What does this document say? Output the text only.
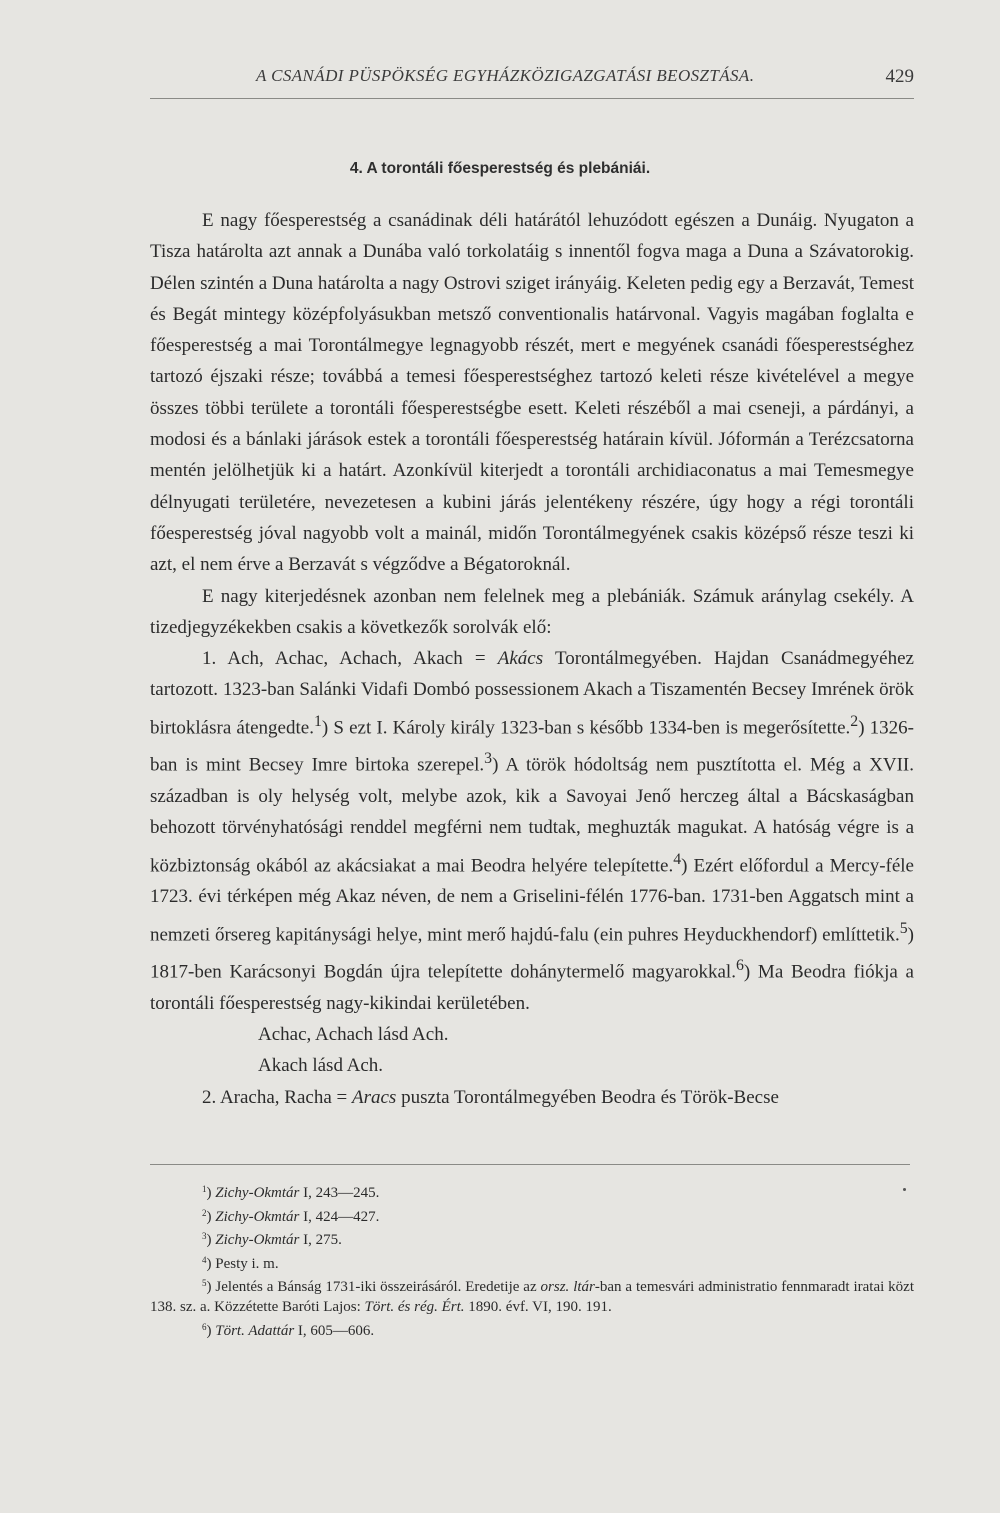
A CSANÁDI PÜSPÖKSÉG EGYHÁZKÖZIGAZGATÁSI BEOSZTÁSA.	429
4. A torontáli főesperestség és plebániái.

E nagy főesperestség a csanádinak déli határától lehuzódott egészen a Dunáig. Nyugaton a Tisza határolta azt annak a Dunába való torkolatáig s innentől fogva maga a Duna a Szávatorokig. Délen szintén a Duna határolta a nagy Ostrovi sziget irányáig. Keleten pedig egy a Berzavát, Temest és Begát mintegy középfolyásukban metsző conventionalis határvonal. Vagyis magában foglalta e főesperestség a mai Torontálmegye legnagyobb részét, mert e megyének csanádi főesperestséghez tartozó éjszaki része; továbbá a temesi főesperestséghez tartozó keleti része kivételével a megye összes többi területe a torontáli főesperestségbe esett. Keleti részéből a mai cseneji, a párdányi, a modosi és a bánlaki járások estek a torontáli főesperestség határain kívül. Jóformán a Terézcsatorna mentén jelölhetjük ki a határt. Azonkívül kiterjedt a torontáli archidiaconatus a mai Temesmegye délnyugati területére, nevezetesen a kubini járás jelentékeny részére, úgy hogy a régi torontáli főesperestség jóval nagyobb volt a mainál, midőn Torontálmegyének csakis középső része teszi ki azt, el nem érve a Berzavát s végződve a Bégatoroknál.

E nagy kiterjedésnek azonban nem felelnek meg a plebániák. Számuk aránylag csekély. A tizedjegyzékekben csakis a következők sorolvák elő:

1. Ach, Achac, Achach, Akach = Akács Torontálmegyében. Hajdan Csanádmegyéhez tartozott. 1323-ban Salánki Vidafi Dombó possessionem Akach a Tiszamentén Becsey Imrének örök birtoklásra átengedte.$^1$) S ezt I. Károly király 1323-ban s később 1334-ben is megerősítette.$^2$) 1326-ban is mint Becsey Imre birtoka szerepel.$^3$) A török hódoltság nem pusztította el. Még a XVII. században is oly helység volt, melybe azok, kik a Savoyai Jenő herczeg által a Bácskaságban behozott törvényhatósági renddel megférni nem tudtak, meghuzták magukat. A hatóság végre is a közbiztonság okából az akácsiakat a mai Beodra helyére telepítette.$^4$) Ezért előfordul a Mercy-féle 1723. évi térképen még Akaz néven, de nem a Griselini-félén 1776-ban. 1731-ben Aggatsch mint a nemzeti őrsereg kapitánysági helye, mint merő hajdú-falu (ein puhres Heyduckhendorf) említtetik.$^5$) 1817-ben Karácsonyi Bogdán újra telepítette dohánytermelő magyarokkal.$^6$) Ma Beodra fiókja a torontáli főesperestség nagy-kikindai kerületében.

Achac, Achach lásd Ach.

Akach lásd Ach.

2. Aracha, Racha = Aracs puszta Torontálmegyében Beodra és Török-Becse

$^1$) Zichy-Okmtár I, 243—245.

$^2$) Zichy-Okmtár I, 424—427.

$^3$) Zichy-Okmtár I, 275.

$^4$) Pesty i. m.

$^5$) Jelentés a Bánság 1731-iki összeirásáról. Eredetije az orsz. ltár-ban a temesvári administratio fennmaradt iratai közt 138. sz. a. Közzétette Baróti Lajos: Tört. és rég. Ért. 1890. évf. VI, 190. 191.

$^6$) Tört. Adattár I, 605—606.
